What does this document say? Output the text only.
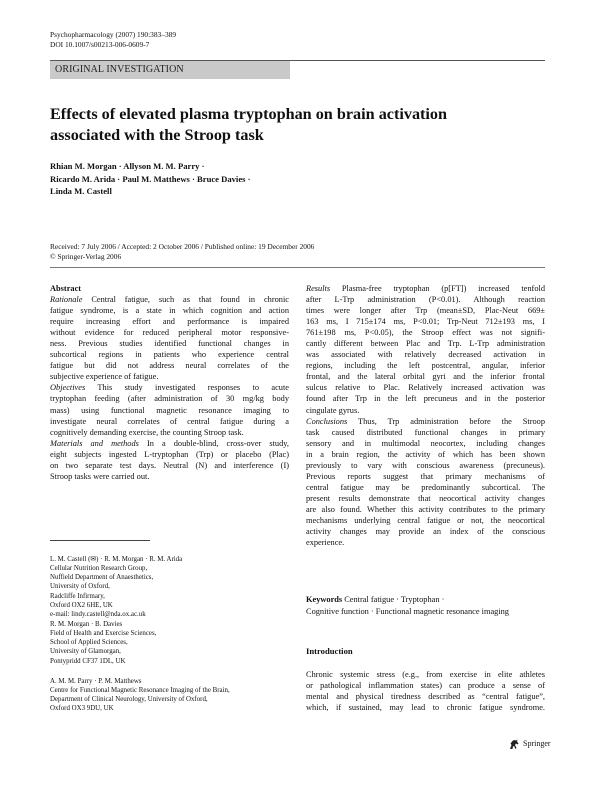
Psychopharmacology (2007) 190:383–389
DOI 10.1007/s00213-006-0609-7
ORIGINAL INVESTIGATION
Effects of elevated plasma tryptophan on brain activation
associated with the Stroop task
Rhian M. Morgan · Allyson M. M. Parry ·
Ricardo M. Arida · Paul M. Matthews · Bruce Davies ·
Linda M. Castell
Received: 7 July 2006 / Accepted: 2 October 2006 / Published online: 19 December 2006
© Springer-Verlag 2006
Abstract
Rationale Central fatigue, such as that found in chronic
fatigue syndrome, is a state in which cognition and action
require increasing effort and performance is impaired
without evidence for reduced peripheral motor responsive-
ness. Previous studies identified functional changes in
subcortical regions in patients who experience central
fatigue but did not address neural correlates of the
subjective experience of fatigue.
Objectives This study investigated responses to acute
tryptophan feeding (after administration of 30 mg/kg body
mass) using functional magnetic resonance imaging to
investigate neural correlates of central fatigue during a
cognitively demanding exercise, the counting Stroop task.
Materials and methods In a double-blind, cross-over study,
eight subjects ingested L-tryptophan (Trp) or placebo (Plac)
on two separate test days. Neutral (N) and interference (I)
Stroop tasks were carried out.
L. M. Castell (✉) · R. M. Morgan · R. M. Arida
Cellular Nutrition Research Group,
Nuffield Department of Anaesthetics,
University of Oxford,
Radcliffe Infirmary,
Oxford OX2 6HE, UK
e-mail: lindy.castell@nda.ox.ac.uk
R. M. Morgan · B. Davies
Field of Health and Exercise Sciences,
School of Applied Sciences,
University of Glamorgan,
Pontypridd CF37 1DL, UK
A. M. M. Parry · P. M. Matthews
Centre for Functional Magnetic Resonance Imaging of the Brain,
Department of Clinical Neurology, University of Oxford,
Oxford OX3 9DU, UK
Results Plasma-free tryptophan (p[FT]) increased tenfold
after L-Trp administration (P<0.01). Although reaction
times were longer after Trp (mean±SD, Plac-Neut 669±
163 ms, I 715±174 ms, P<0.01; Trp-Neut 712±193 ms, I
761±198 ms, P<0.05), the Stroop effect was not signifi-
cantly different between Plac and Trp. L-Trp administration
was associated with relatively decreased activation in
regions, including the left postcentral, angular, inferior
frontal, and the lateral orbital gyri and the inferior frontal
sulcus relative to Plac. Relatively increased activation was
found after Trp in the left precuneus and in the posterior
cingulate gyrus.
Conclusions Thus, Trp administration before the Stroop
task caused distributed functional changes in primary
sensory and in multimodal neocortex, including changes
in a brain region, the activity of which has been shown
previously to vary with conscious awareness (precuneus).
Previous reports suggest that primary mechanisms of
central fatigue may be predominantly subcortical. The
present results demonstrate that neocortical activity changes
are also found. Whether this activity contributes to the primary
mechanisms underlying central fatigue or not, the neocortical
activity changes may provide an index of the conscious
experience.
Keywords Central fatigue · Tryptophan ·
Cognitive function · Functional magnetic resonance imaging
Introduction
Chronic systemic stress (e.g., from exercise in elite athletes
or pathological inflammation states) can produce a sense of
mental and physical tiredness described as “central fatigue”,
which, if sustained, may lead to chronic fatigue syndrome.
Springer
